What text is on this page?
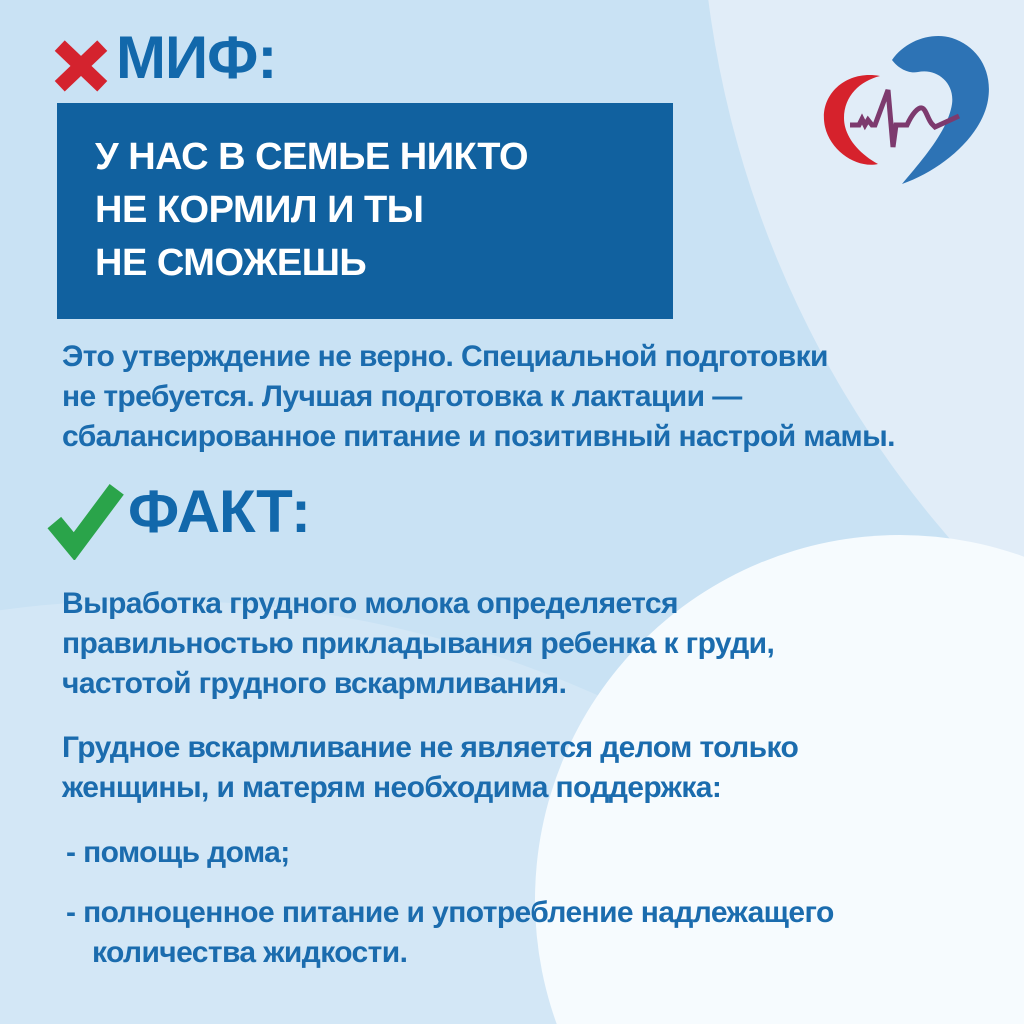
МИФ:
У НАС В СЕМЬЕ НИКТО
НЕ КОРМИЛ И ТЫ
НЕ СМОЖЕШЬ
Это утверждение не верно. Специальной подготовки
не требуется. Лучшая подготовка к лактации —
сбалансированное питание и позитивный настрой мамы.
ФАКТ:
Выработка грудного молока определяется
правильностью прикладывания ребенка к груди,
частотой грудного вскармливания.
Грудное вскармливание не является делом только
женщины, и матерям необходима поддержка:
- помощь дома;
- полноценное питание и употребление надлежащего
количества жидкости.
